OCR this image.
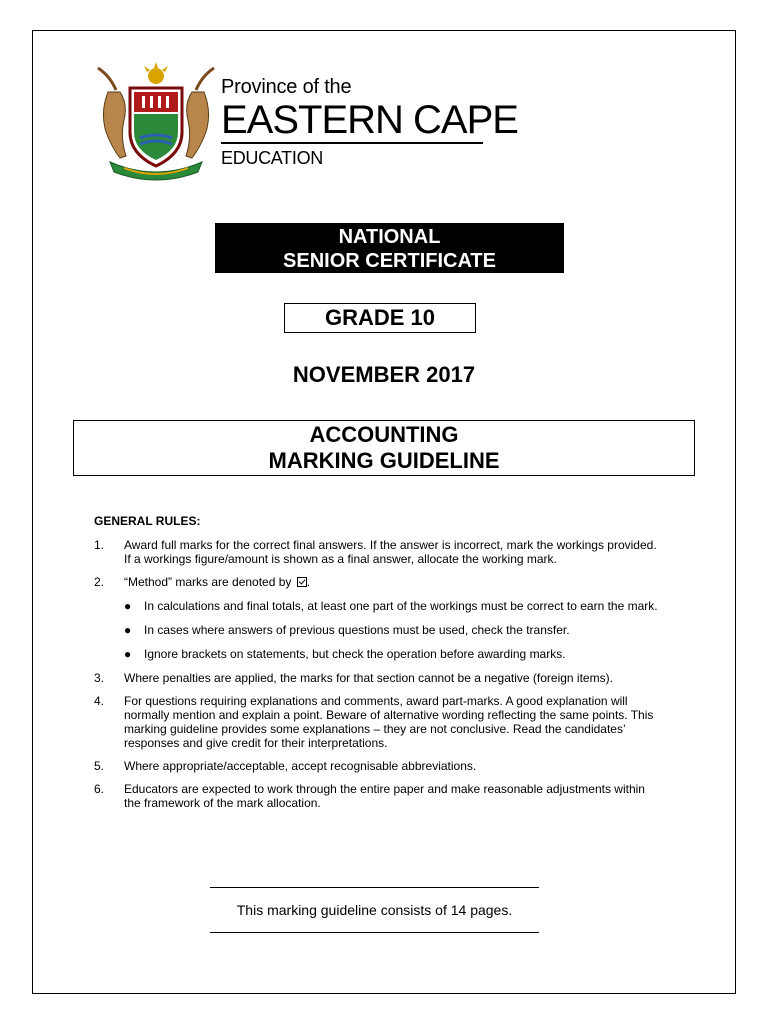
Province of the
EASTERN CAPE
EDUCATION
NATIONAL
SENIOR CERTIFICATE
GRADE 10
NOVEMBER 2017
ACCOUNTING
MARKING GUIDELINE
GENERAL RULES:
1.	Award full marks for the correct final answers. If the answer is incorrect, mark the workings provided.

If a workings figure/amount is shown as a final answer, allocate the working mark.

2.	“Method” marks are denoted by .

●	In calculations and final totals, at least one part of the workings must be correct to earn the mark.
●	In cases where answers of previous questions must be used, check the transfer.
●	Ignore brackets on statements, but check the operation before awarding marks.
3.	Where penalties are applied, the marks for that section cannot be a negative (foreign items).

4.	For questions requiring explanations and comments, award part-marks. A good explanation will normally mention and explain a point. Beware of alternative wording reflecting the same points. This marking guideline provides some explanations – they are not conclusive. Read the candidates’ responses and give credit for their interpretations.

5.	Where appropriate/acceptable, accept recognisable abbreviations.

6.	Educators are expected to work through the entire paper and make reasonable adjustments within the framework of the mark allocation.

This marking guideline consists of 14 pages.
